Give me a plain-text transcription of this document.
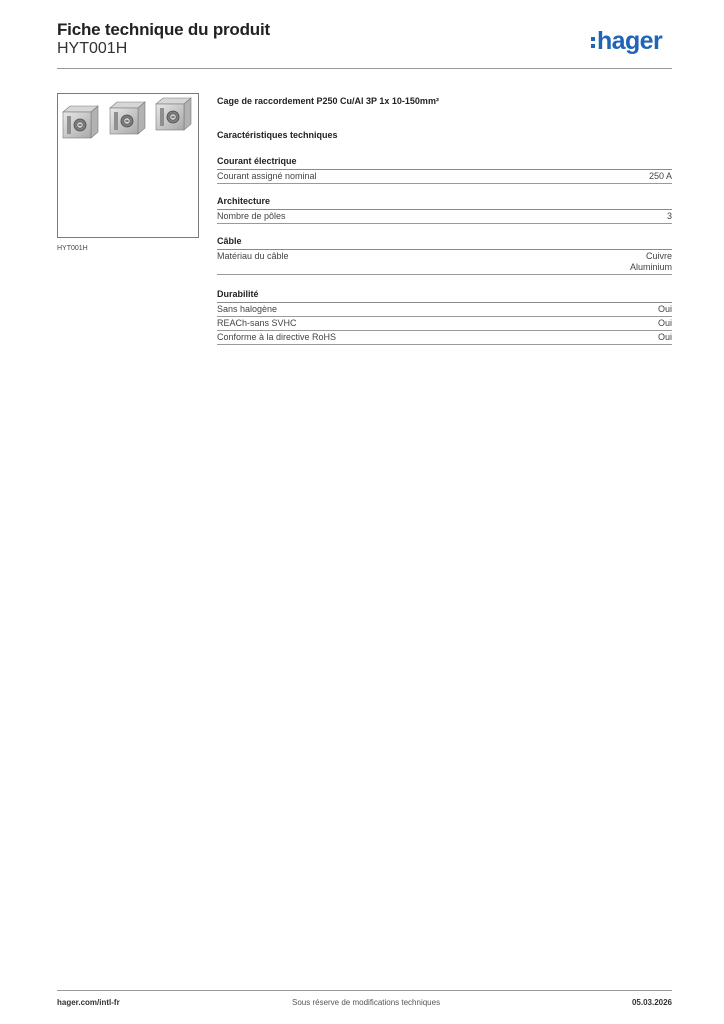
Fiche technique du produit
HYT001H	hager
HYT001H
Cage de raccordement P250 Cu/Al 3P 1x 10-150mm²
Caractéristiques techniques
Courant électrique
Courant assigné nominal	250 A
Architecture
Nombre de pôles	3
Câble
Matériau du câble	Cuivre
Aluminium
Durabilité
Sans halogène	Oui
REACh-sans SVHC	Oui
Conforme à la directive RoHS	Oui
hager.com/intl-fr	Sous réserve de modifications techniques	05.03.2026
